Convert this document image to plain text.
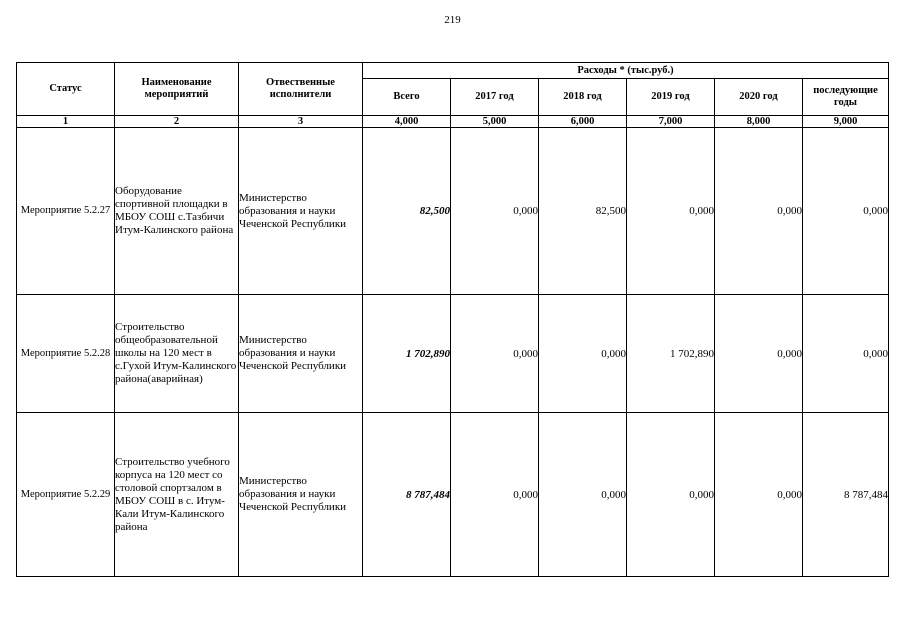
219
Статус	Наименование мероприятий	Отвественные исполнители	Расходы * (тыс.руб.)					
			Всего	2017 год	2018 год	2019 год	2020 год	последующие годы

1	2	3	4,000	5,000	6,000	7,000	8,000	9,000
Мероприятие 5.2.27	Оборудование спортивной площадки в МБОУ СОШ с.Тазбичи Итум-Калинского района	Министерство образования и науки Чеченской Республики	82,500	0,000	82,500	0,000	0,000	0,000
Мероприятие 5.2.28	Строительство общеобразовательной школы на 120 мест в с.Гухой Итум-Калинского района(аварийная)	Министерство образования и науки Чеченской Республики	1 702,890	0,000	0,000	1 702,890	0,000	0,000
Мероприятие 5.2.29	Строительство учебного корпуса на 120 мест со столовой спортзалом в МБОУ СОШ в с. Итум-Кали Итум-Калинского района	Министерство образования и науки Чеченской Республики	8 787,484	0,000	0,000	0,000	0,000	8 787,484
